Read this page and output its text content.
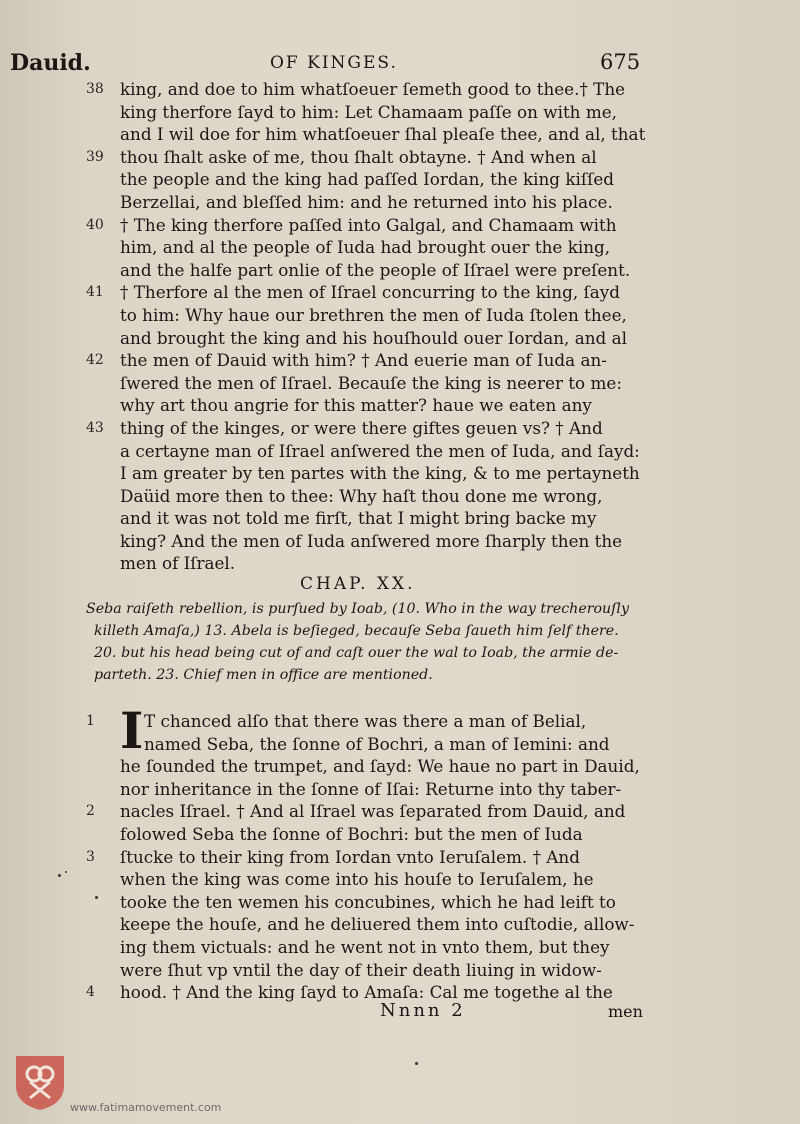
Dauid.	OF KINGES.	675
38 king, and doe to him whatſoeuer ſemeth good to thee.† The
king therfore ſayd to him: Let Chamaam paſſe on with me,
and I wil doe for him whatſoeuer ſhal pleaſe thee, and al, that
39 thou ſhalt aske of me, thou ſhalt obtayne. † And when al
the people and the king had paſſed Iordan, the king kiſſed
Berzellai, and bleſſed him: and he returned into his place.
40 † The king therfore paſſed into Galgal, and Chamaam with
him, and al the people of Iuda had brought ouer the king,
and the halfe part onlie of the people of Iſrael were preſent.
41 † Therfore al the men of Iſrael concurring to the king, ſayd
to him: Why haue our brethren the men of Iuda ſtolen thee,
and brought the king and his houſhould ouer Iordan, and al
42 the men of Dauid with him? † And euerie man of Iuda an-
ſwered the men of Iſrael. Becauſe the king is neerer to me:
why art thou angrie for this matter? haue we eaten any
43 thing of the kinges, or were there giftes geuen vs? † And
a certayne man of Iſrael anſwered the men of Iuda, and ſayd:
I am greater by ten partes with the king, & to me pertayneth
Daüid more then to thee: Why haſt thou done me wrong,
and it was not told me firſt, that I might bring backe my
king? And the men of Iuda anſwered more ſharply then the
men of Iſrael.
CHAP. XX.
Seba raiſeth rebellion, is purſued by Ioab, (10. Who in the way trecherouſly
killeth Amaſa,) 13. Abela is beſieged, becauſe Seba ſaueth him ſelf there.
20. but his head being cut of and caſt ouer the wal to Ioab, the armie de-
parteth. 23. Chief men in office are mentioned.
I
1	T chanced alſo that there was there a man of Belial,
named Seba, the ſonne of Bochri, a man of Iemini: and
he ſounded the trumpet, and ſayd: We haue no part in Dauid,
nor inheritance in the ſonne of Iſai: Returne into thy taber-
2	nacles Iſrael. † And al Iſrael was ſeparated from Dauid, and
folowed Seba the ſonne of Bochri: but the men of Iuda
3	ſtucke to their king from Iordan vnto Ieruſalem. † And
when the king was come into his houſe to Ieruſalem, he
tooke the ten wemen his concubines, which he had leift to
keepe the houſe, and he deliuered them into cuſtodie, allow-
ing them victuals: and he went not in vnto them, but they
were ſhut vp vntil the day of their death liuing in widow-
4	hood. † And the king ſayd to Amaſa: Cal me togethe al the
Nnnn 2	men
www.fatimamovement.com
